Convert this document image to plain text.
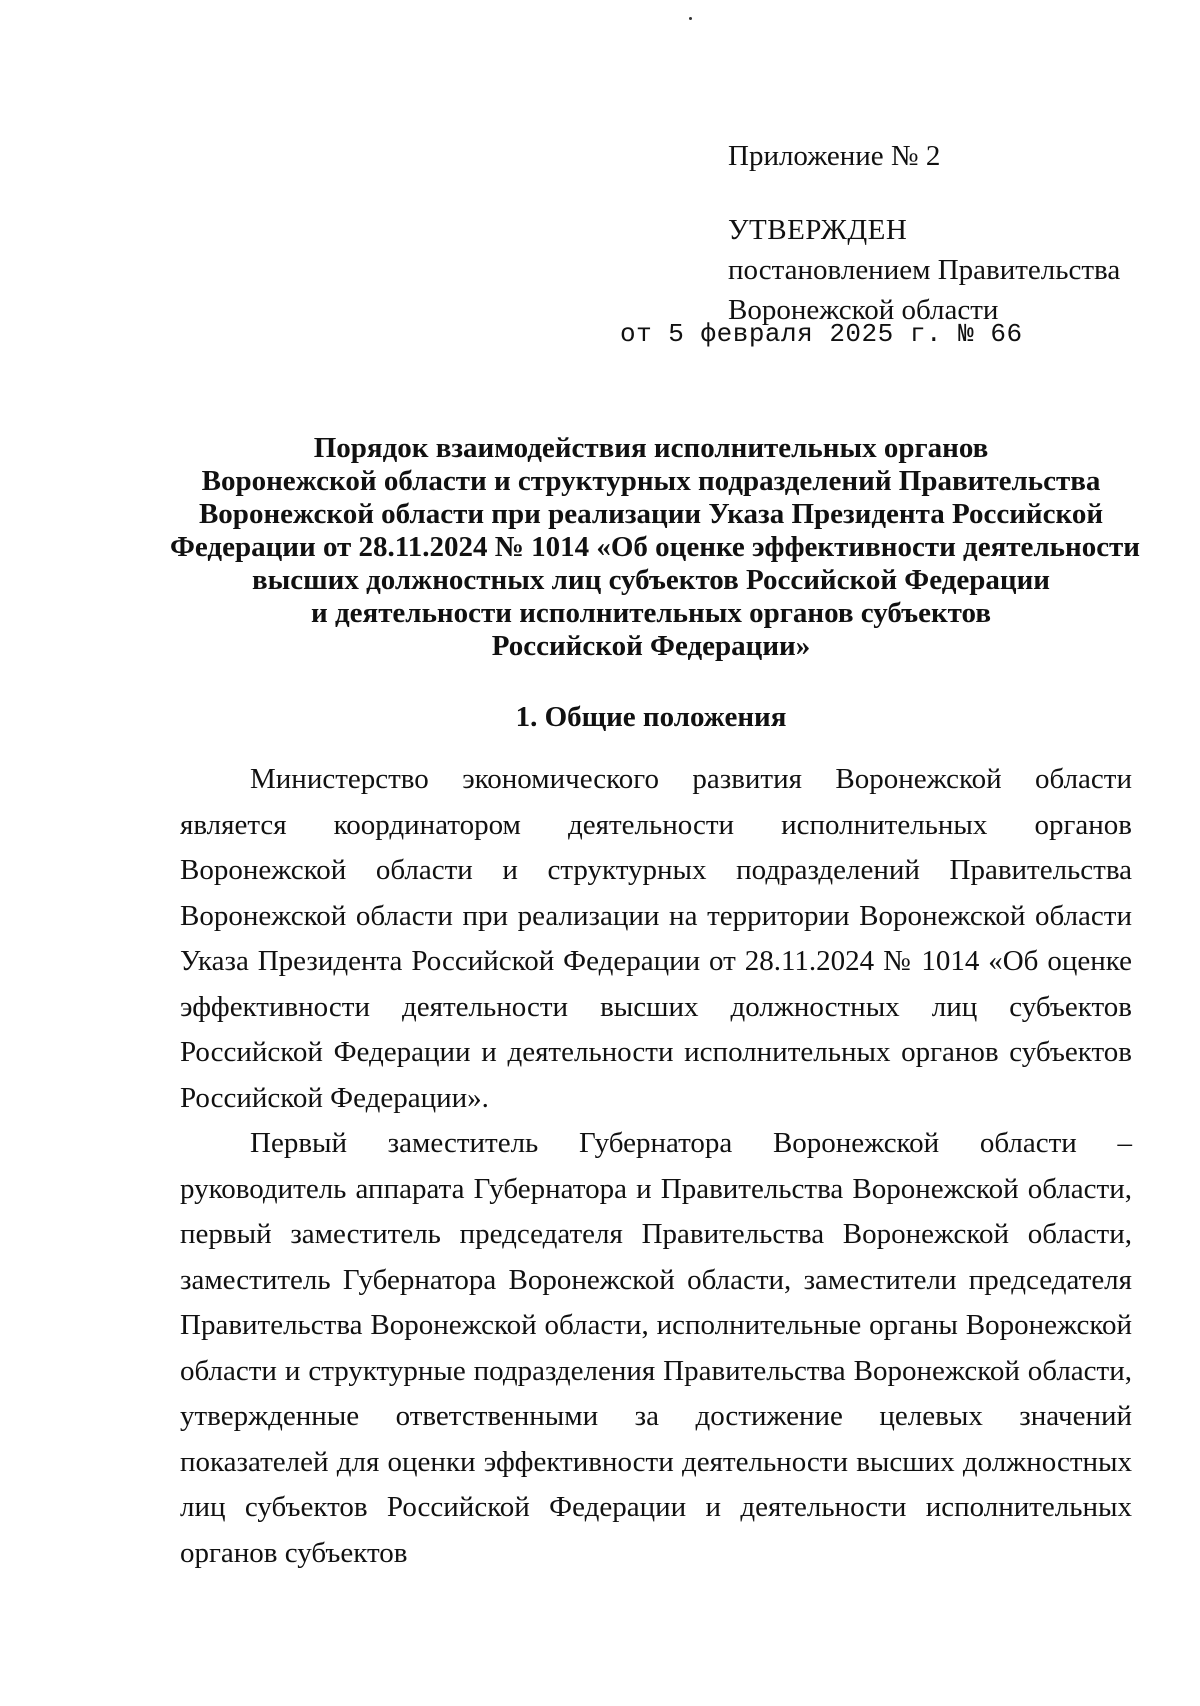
Приложение № 2
УТВЕРЖДЕН
постановлением Правительства
Воронежской области
от 5 февраля 2025 г. № 66
Порядок взаимодействия исполнительных органов
Воронежской области и структурных подразделений Правительства
Воронежской области при реализации Указа Президента Российской
Федерации от 28.11.2024 № 1014 «Об оценке эффективности деятельности
высших должностных лиц субъектов Российской Федерации
и деятельности исполнительных органов субъектов
Российской Федерации»
1. Общие положения

Министерство экономического развития Воронежской области является координатором деятельности исполнительных органов Воронежской области и структурных подразделений Правительства Воронежской области при реализации на территории Воронежской области Указа Президента Российской Федерации от 28.11.2024 № 1014 «Об оценке эффективности деятельности высших должностных лиц субъектов Российской Федерации и деятельности исполнительных органов субъектов Российской Федерации».

Первый заместитель Губернатора Воронежской области – руководитель аппарата Губернатора и Правительства Воронежской области, первый заместитель председателя Правительства Воронежской области, заместитель Губернатора Воронежской области, заместители председателя Правительства Воронежской области, исполнительные органы Воронежской области и структурные подразделения Правительства Воронежской области, утвержденные ответственными за достижение целевых значений показателей для оценки эффективности деятельности высших должностных лиц субъектов Российской Федерации и деятельности исполнительных органов субъектов
